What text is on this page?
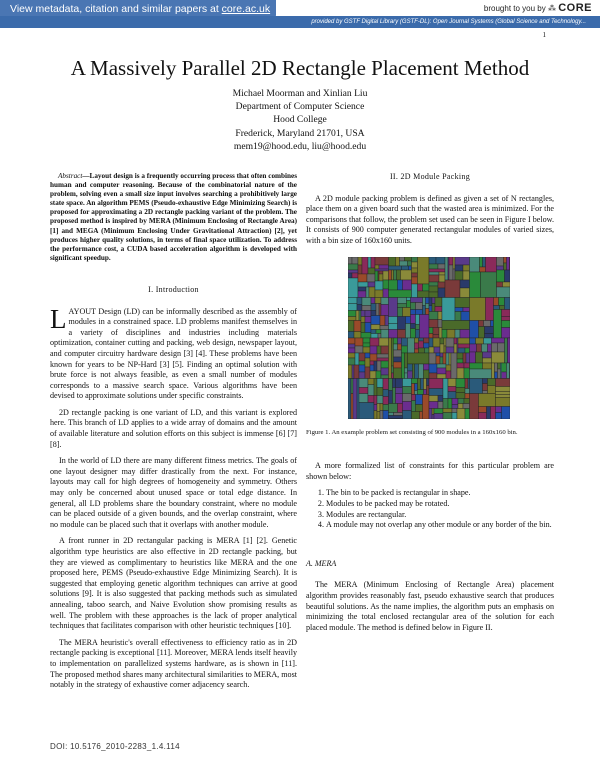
View metadata, citation and similar papers at core.ac.uk	brought to you by ⁂ CORE
provided by GSTF Digital Library (GSTF-DL): Open Journal Systems (Global Science and Technology...
1
A Massively Parallel 2D Rectangle Placement Method
Michael Moorman and Xinlian Liu
Department of Computer Science
Hood College
Frederick, Maryland 21701, USA
mem19@hood.edu, liu@hood.edu

Abstract—Layout design is a frequently occurring process that often combines human and computer reasoning. Because of the combinatorial nature of the problem, solving even a small size input involves searching a prohibitively large state space. An algorithm PEMS (Pseudo-exhaustive Edge Minimizing Search) is proposed for approximating a 2D rectangle packing variant of the problem. The proposed method is inspired by MERA (Minimum Enclosing of Rectangle Area) [1] and MEGA (Minimum Enclosing Under Gravitational Attraction) [2], yet produces higher quality solutions, in terms of final space utilization. To address the performance cost, a CUDA based acceleration algorithm is developed with significant speedup.

I. Introduction

LAYOUT Design (LD) can be informally described as the assembly of modules in a constrained space. LD problems manifest themselves in a variety of disciplines and industries including materials optimization, container cutting and packing, web design, newspaper layout, and computer circuitry hardware design [3] [4]. These problems have been known for years to be NP-Hard [3] [5]. Finding an optimal solution with brute force is not always feasible, as even a small number of modules corresponds to a massive search space. Various algorithms have been devised to approximate solutions under specific constraints.

2D rectangle packing is one variant of LD, and this variant is explored here. This branch of LD applies to a wide array of domains and the amount of available literature and solution efforts on this subject is immense [6] [7] [8].

In the world of LD there are many different fitness metrics. The goals of one layout designer may differ drastically from the next. For instance, layouts may call for high degrees of homogeneity and symmetry. Others may only be concerned about unused space or total edge distance. In general, all LD problems share the boundary constraint, where no module can be placed outside of a given bounds, and the overlap constraint, where no module can be placed such that it overlaps with another module.

A front runner in 2D rectangular packing is MERA [1] [2]. Genetic algorithm type heuristics are also effective in 2D rectangle packing, but they are viewed as complimentary to heuristics like MERA and the one proposed here, PEMS (Pseudo-exhaustive Edge Minimizing Search). It is suggested that employing genetic algorithm techniques can arrive at good solutions [9]. It is also suggested that packing methods such as simulated annealing, taboo search, and Naive Evolution show promising results as well. The problem with these approaches is the lack of proper analytical techniques that facilitates comparison with other heuristic techniques [10].

The MERA heuristic's overall effectiveness to efficiency ratio as in 2D rectangle packing is exceptional [11]. Moreover, MERA lends itself heavily to implementation on parallelized systems hardware, as is shown in [11]. The proposed method shares many architectural similarities to MERA, most notably in the strategy of exhaustive corner adjacency search.

II. 2D Module Packing

A 2D module packing problem is defined as given a set of N rectangles, place them on a given board such that the wasted area is minimized. For the comparisons that follow, the problem set used can be seen in Figure I below. It consists of 900 computer generated rectangular modules of varied sizes, with a bin size of 160x160 units.

Figure 1. An example problem set consisting of 900 modules in a 160x160 bin.

A more formalized list of constraints for this particular problem are shown below:

1. The bin to be packed is rectangular in shape.
2. Modules to be packed may be rotated.
3. Modules are rectangular.
4. A module may not overlap any other module or any border of the bin.
A. MERA

The MERA (Minimum Enclosing of Rectangle Area) placement algorithm provides reasonably fast, pseudo exhaustive search that produces beautiful solutions. As the name implies, the algorithm puts an emphasis on minimizing the total enclosed rectangular area of the solution for each placed module. The method is defined below in Figure II.

DOI: 10.5176_2010-2283_1.4.114
